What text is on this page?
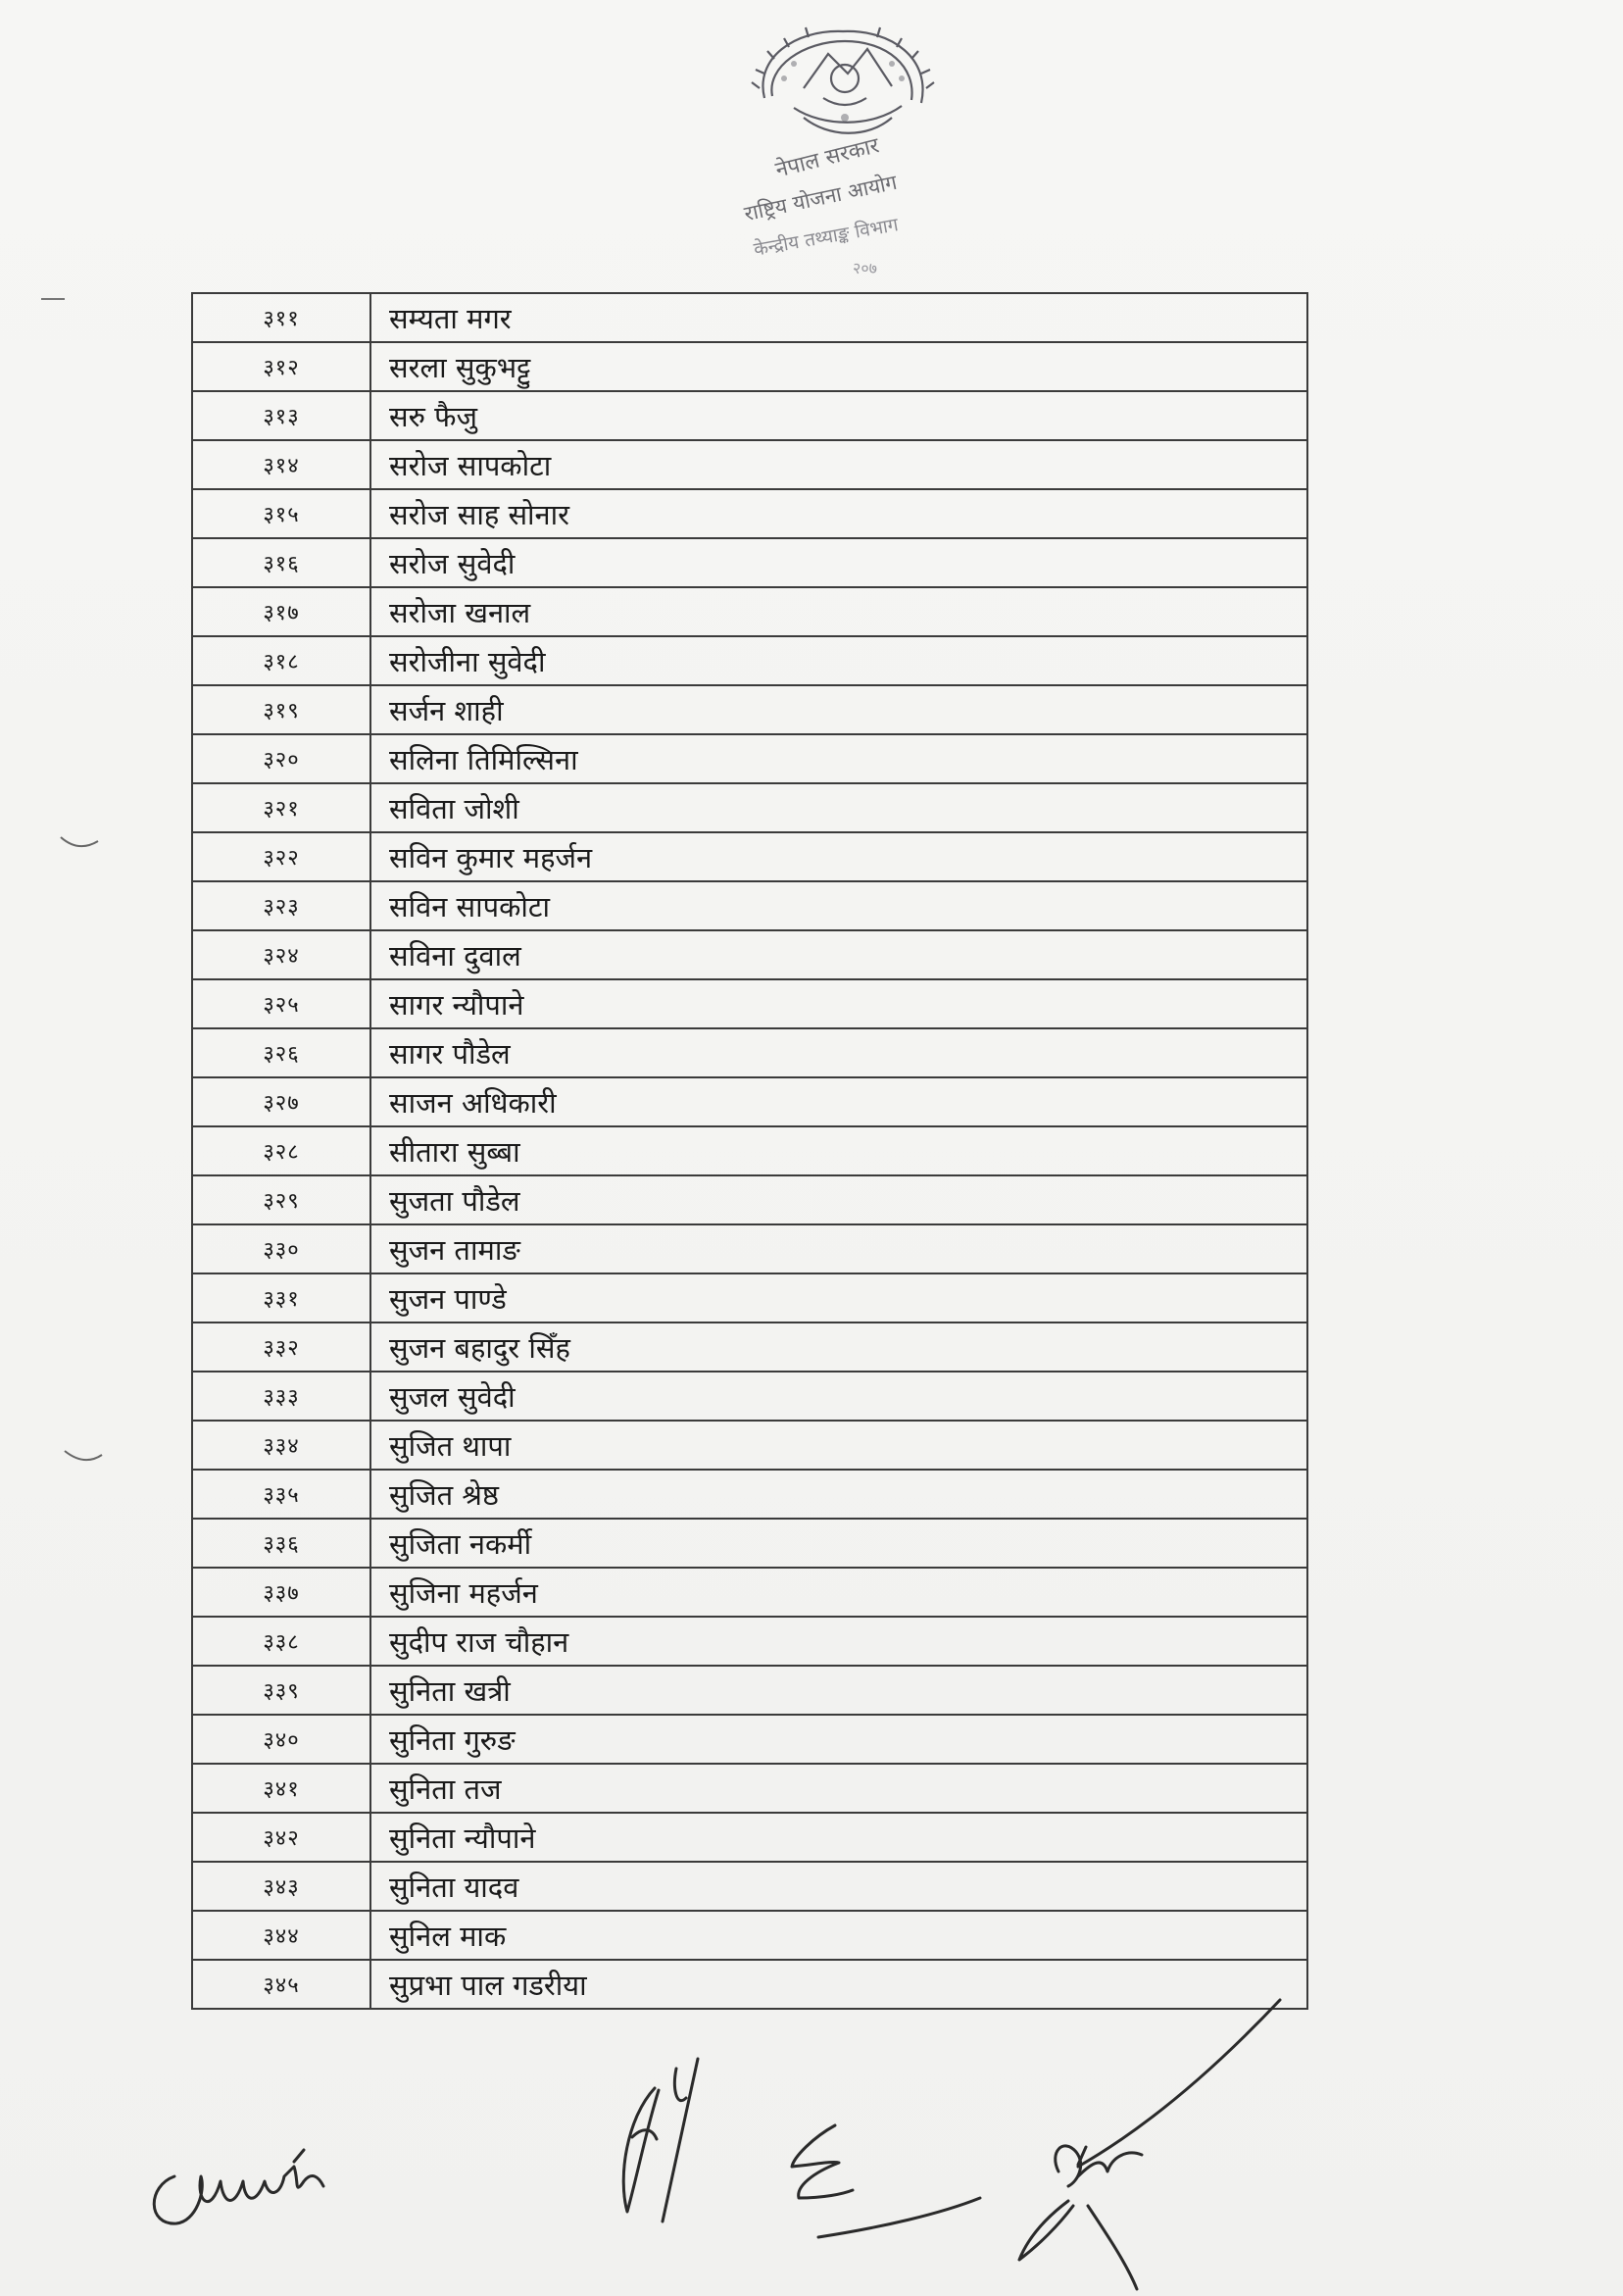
नेपाल सरकार
राष्ट्रिय योजना आयोग
केन्द्रीय तथ्याङ्क विभाग
२०७
३११	सम्यता मगर
३१२	सरला सुकुभट्टु
३१३	सरु फैजु
३१४	सरोज सापकोटा
३१५	सरोज साह सोनार
३१६	सरोज सुवेदी
३१७	सरोजा खनाल
३१८	सरोजीना सुवेदी
३१९	सर्जन शाही
३२०	सलिना तिमिल्सिना
३२१	सविता जोशी
३२२	सविन कुमार महर्जन
३२३	सविन सापकोटा
३२४	सविना दुवाल
३२५	सागर न्यौपाने
३२६	सागर पौडेल
३२७	साजन अधिकारी
३२८	सीतारा सुब्बा
३२९	सुजता पौडेल
३३०	सुजन तामाङ
३३१	सुजन पाण्डे
३३२	सुजन बहादुर सिँह
३३३	सुजल सुवेदी
३३४	सुजित थापा
३३५	सुजित श्रेष्ठ
३३६	सुजिता नकर्मी
३३७	सुजिना महर्जन
३३८	सुदीप राज चौहान
३३९	सुनिता खत्री
३४०	सुनिता गुरुङ
३४१	सुनिता तज
३४२	सुनिता न्यौपाने
३४३	सुनिता यादव
३४४	सुनिल माक
३४५	सुप्रभा पाल गडरीया
